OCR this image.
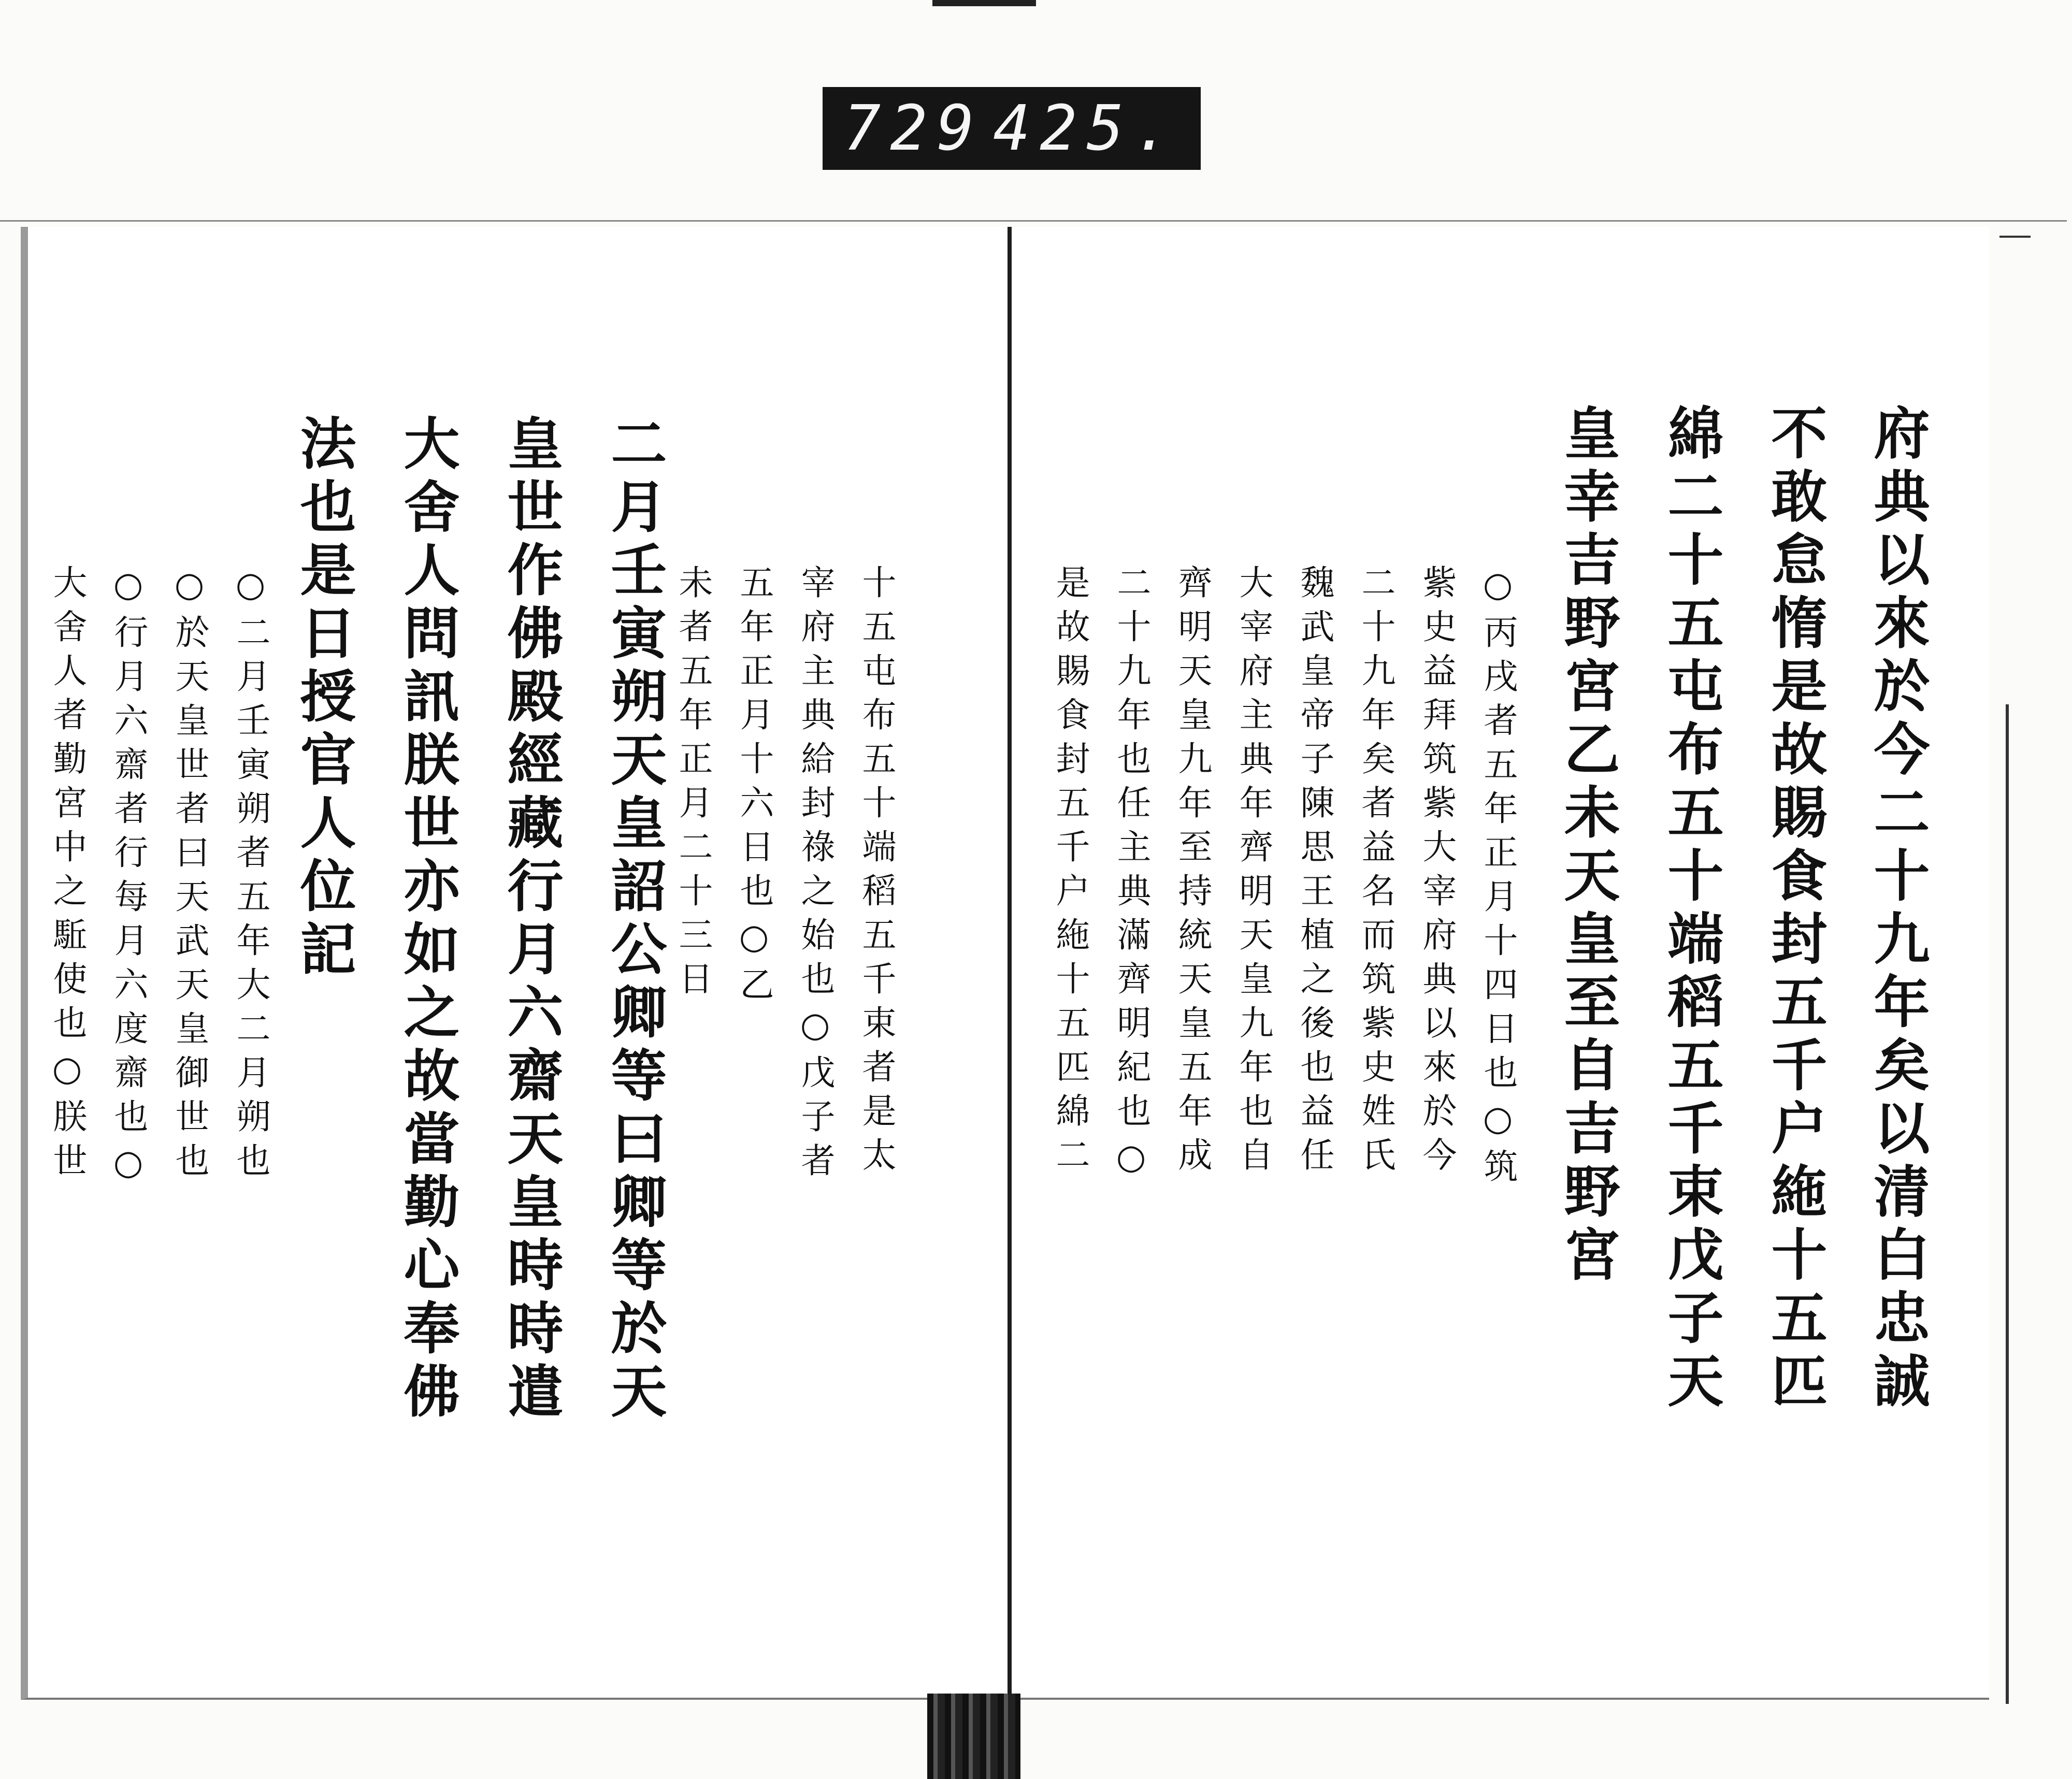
729 425.
府典以來於今二十九年矣以清白忠誠
不敢怠惰是故賜食封五千户絁十五匹
綿二十五屯布五十端稻五千束戊子天
皇幸吉野宮乙未天皇至自吉野宮
○丙戌者五年正月十四日也○筑
紫史益拜筑紫大宰府典以來於今
二十九年矣者益名而筑紫史姓氏
魏武皇帝子陳思王植之後也益任
大宰府主典年齊明天皇九年也自
齊明天皇九年至持統天皇五年成
二十九年也任主典滿齊明紀也○
是故賜食封五千户絁十五匹綿二
十五屯布五十端稻五千束者是太
宰府主典給封祿之始也○戊子者
五年正月十六日也○乙
未者五年正月二十三日
二月壬寅朔天皇詔公卿等曰卿等於天
皇世作佛殿經藏行月六齋天皇時時遣
大舍人問訊朕世亦如之故當勤心奉佛
法也是日授官人位記
○二月壬寅朔者五年大二月朔也
○於天皇世者曰天武天皇御世也
○行月六齋者行每月六度齋也○
大舍人者勤宮中之駈使也○朕世
